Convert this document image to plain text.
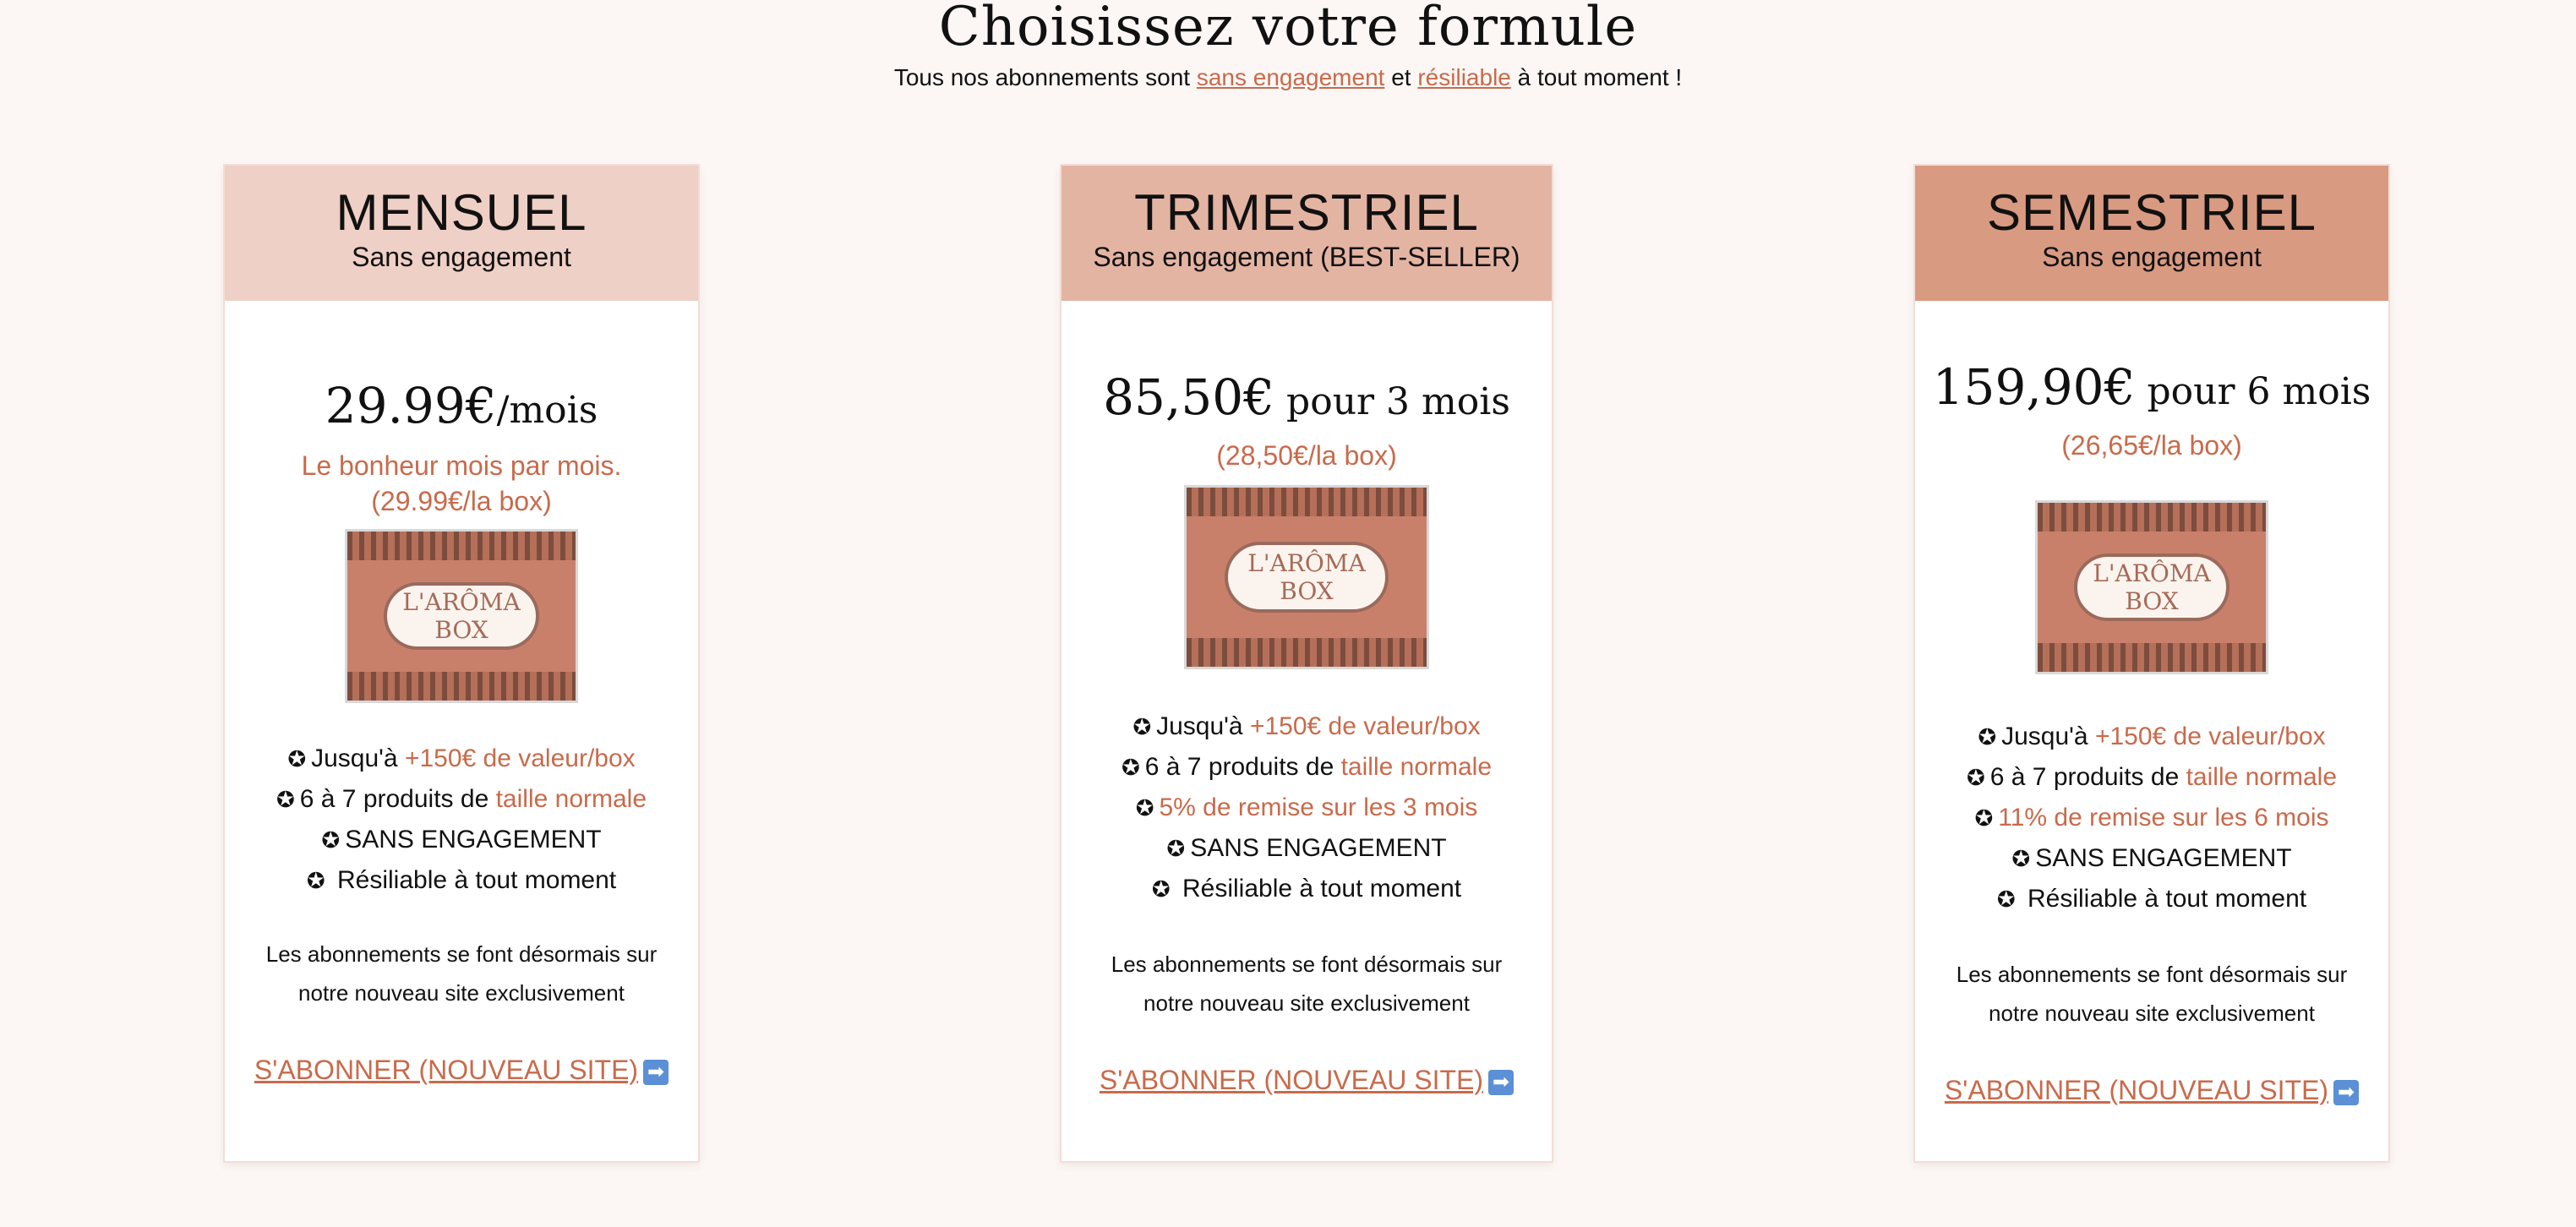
Choisissez votre formule
Tous nos abonnements sont sans engagement et résiliable à tout moment !
MENSUEL
Sans engagement
29.99€/mois
Le bonheur mois par mois.
(29.99€/la box)
L'ARÔMA BOX
✪ Jusqu'à +150€ de valeur/box
✪ 6 à 7 produits de taille normale
✪ SANS ENGAGEMENT
✪ Résiliable à tout moment
Les abonnements se font désormais sur
notre nouveau site exclusivement
S'ABONNER (NOUVEAU SITE) ➡
TRIMESTRIEL
Sans engagement (BEST-SELLER)
85,50€ pour 3 mois
(28,50€/la box)
L'ARÔMA BOX
✪ Jusqu'à +150€ de valeur/box
✪ 6 à 7 produits de taille normale
✪ 5% de remise sur les 3 mois
✪ SANS ENGAGEMENT
✪ Résiliable à tout moment
Les abonnements se font désormais sur
notre nouveau site exclusivement
S'ABONNER (NOUVEAU SITE) ➡
SEMESTRIEL
Sans engagement
159,90€ pour 6 mois
(26,65€/la box)
L'ARÔMA BOX
✪ Jusqu'à +150€ de valeur/box
✪ 6 à 7 produits de taille normale
✪ 11% de remise sur les 6 mois
✪ SANS ENGAGEMENT
✪ Résiliable à tout moment
Les abonnements se font désormais sur
notre nouveau site exclusivement
S'ABONNER (NOUVEAU SITE) ➡
